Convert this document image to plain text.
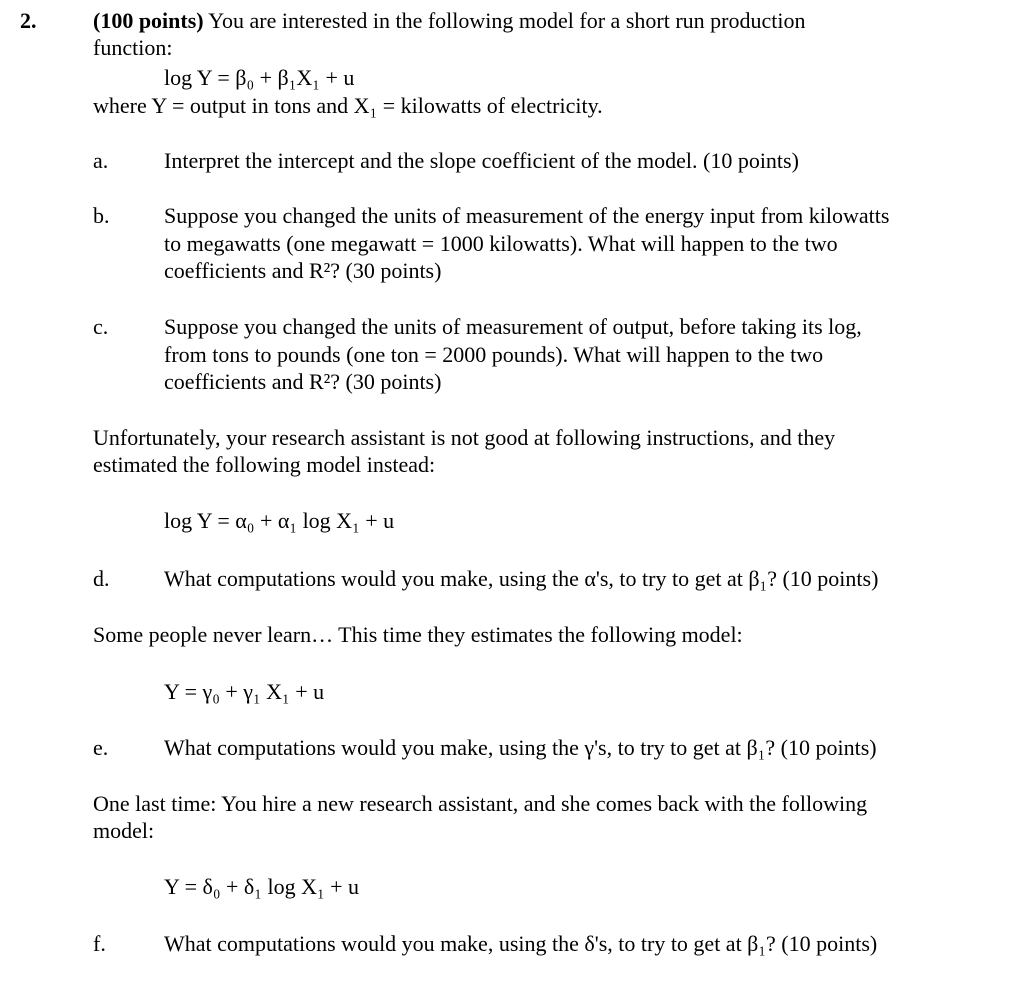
2.	(100 points) You are interested in the following model for a short run production
function:
log Y = β₀ + β₁X₁ + u
where Y = output in tons and X₁ = kilowatts of electricity.
a.	Interpret the intercept and the slope coefficient of the model. (10 points)
b. Suppose you changed the units of measurement of the energy input from kilowatts
to megawatts (one megawatt = 1000 kilowatts). What will happen to the two
coefficients and R²? (30 points)
c.	Suppose you changed the units of measurement of output, before taking its log,
from tons to pounds (one ton = 2000 pounds). What will happen to the two
coefficients and R²? (30 points)
Unfortunately, your research assistant is not good at following instructions, and they
estimated the following model instead:
log Y = α₀ + α₁ log X₁ + u
d. What computations would you make, using the α's, to try to get at β₁? (10 points)
Some people never learn… This time they estimates the following model:
Y = γ₀ + γ₁ X₁ + u
e.	What computations would you make, using the γ's, to try to get at β₁? (10 points)
One last time: You hire a new research assistant, and she comes back with the following
model:
Y = δ₀ + δ₁ log X₁ + u
f.	What computations would you make, using the δ's, to try to get at β₁? (10 points)
